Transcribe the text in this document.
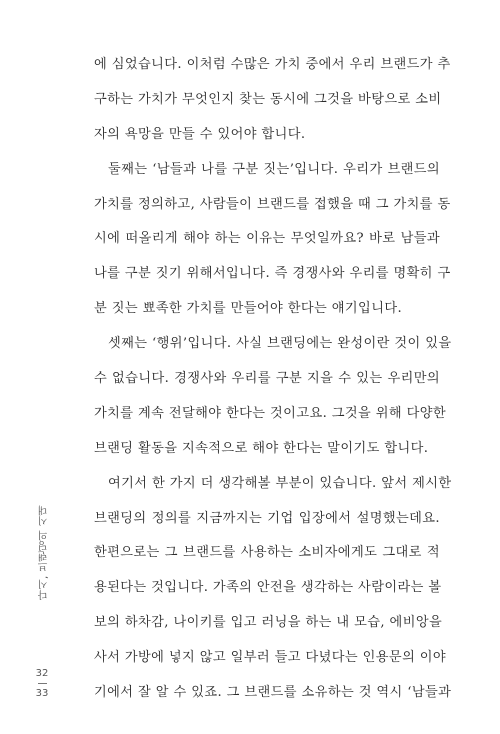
에 심었습니다. 이처럼 수많은 가치 중에서 우리 브랜드가 추
구하는 가치가 무엇인지 찾는 동시에 그것을 바탕으로 소비
자의 욕망을 만들 수 있어야 합니다.
둘째는 ‘남들과 나를 구분 짓는’입니다. 우리가 브랜드의
가치를 정의하고, 사람들이 브랜드를 접했을 때 그 가치를 동
시에 떠올리게 해야 하는 이유는 무엇일까요? 바로 남들과
나를 구분 짓기 위해서입니다. 즉 경쟁사와 우리를 명확히 구
분 짓는 뾰족한 가치를 만들어야 한다는 얘기입니다.
셋째는 ‘행위’입니다. 사실 브랜딩에는 완성이란 것이 있을
수 없습니다. 경쟁사와 우리를 구분 지을 수 있는 우리만의
가치를 계속 전달해야 한다는 것이고요. 그것을 위해 다양한
브랜딩 활동을 지속적으로 해야 한다는 말이기도 합니다.
여기서 한 가지 더 생각해볼 부분이 있습니다. 앞서 제시한
브랜딩의 정의를 지금까지는 기업 입장에서 설명했는데요.
한편으로는 그 브랜드를 사용하는 소비자에게도 그대로 적
용된다는 것입니다. 가족의 안전을 생각하는 사람이라는 볼
보의 하차감, 나이키를 입고 러닝을 하는 내 모습, 에비앙을
사서 가방에 넣지 않고 일부러 들고 다녔다는 인용문의 이야
기에서 잘 알 수 있죠. 그 브랜드를 소유하는 것 역시 ‘남들과
다시, 브랜딩의 시대
32
33
